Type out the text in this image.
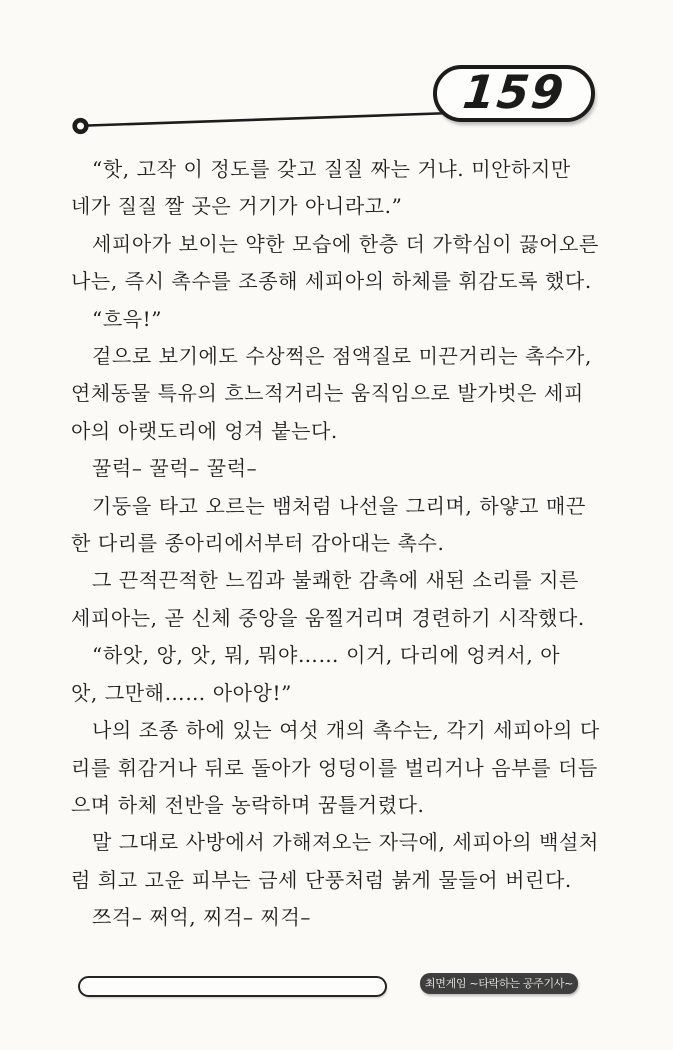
159
“핫, 고작 이 정도를 갖고 질질 짜는 거냐. 미안하지만
네가 질질 짤 곳은 거기가 아니라고.”
세피아가 보이는 약한 모습에 한층 더 가학심이 끓어오른
나는, 즉시 촉수를 조종해 세피아의 하체를 휘감도록 했다.
“흐윽!”
겉으로 보기에도 수상쩍은 점액질로 미끈거리는 촉수가,
연체동물 특유의 흐느적거리는 움직임으로 발가벗은 세피
아의 아랫도리에 엉겨 붙는다.
꿀럭– 꿀럭– 꿀럭–
기둥을 타고 오르는 뱀처럼 나선을 그리며, 하얗고 매끈
한 다리를 종아리에서부터 감아대는 촉수.
그 끈적끈적한 느낌과 불쾌한 감촉에 새된 소리를 지른
세피아는, 곧 신체 중앙을 움찔거리며 경련하기 시작했다.
“하앗, 앙, 앗, 뭐, 뭐야…… 이거, 다리에 엉켜서, 아
앗, 그만해…… 아아앙!”
나의 조종 하에 있는 여섯 개의 촉수는, 각기 세피아의 다
리를 휘감거나 뒤로 돌아가 엉덩이를 벌리거나 음부를 더듬
으며 하체 전반을 농락하며 꿈틀거렸다.
말 그대로 사방에서 가해져오는 자극에, 세피아의 백설처
럼 희고 고운 피부는 금세 단풍처럼 붉게 물들어 버린다.
쯔걱– 쩌억, 찌걱– 찌걱–
최면게임 ~타락하는 공주기사~
